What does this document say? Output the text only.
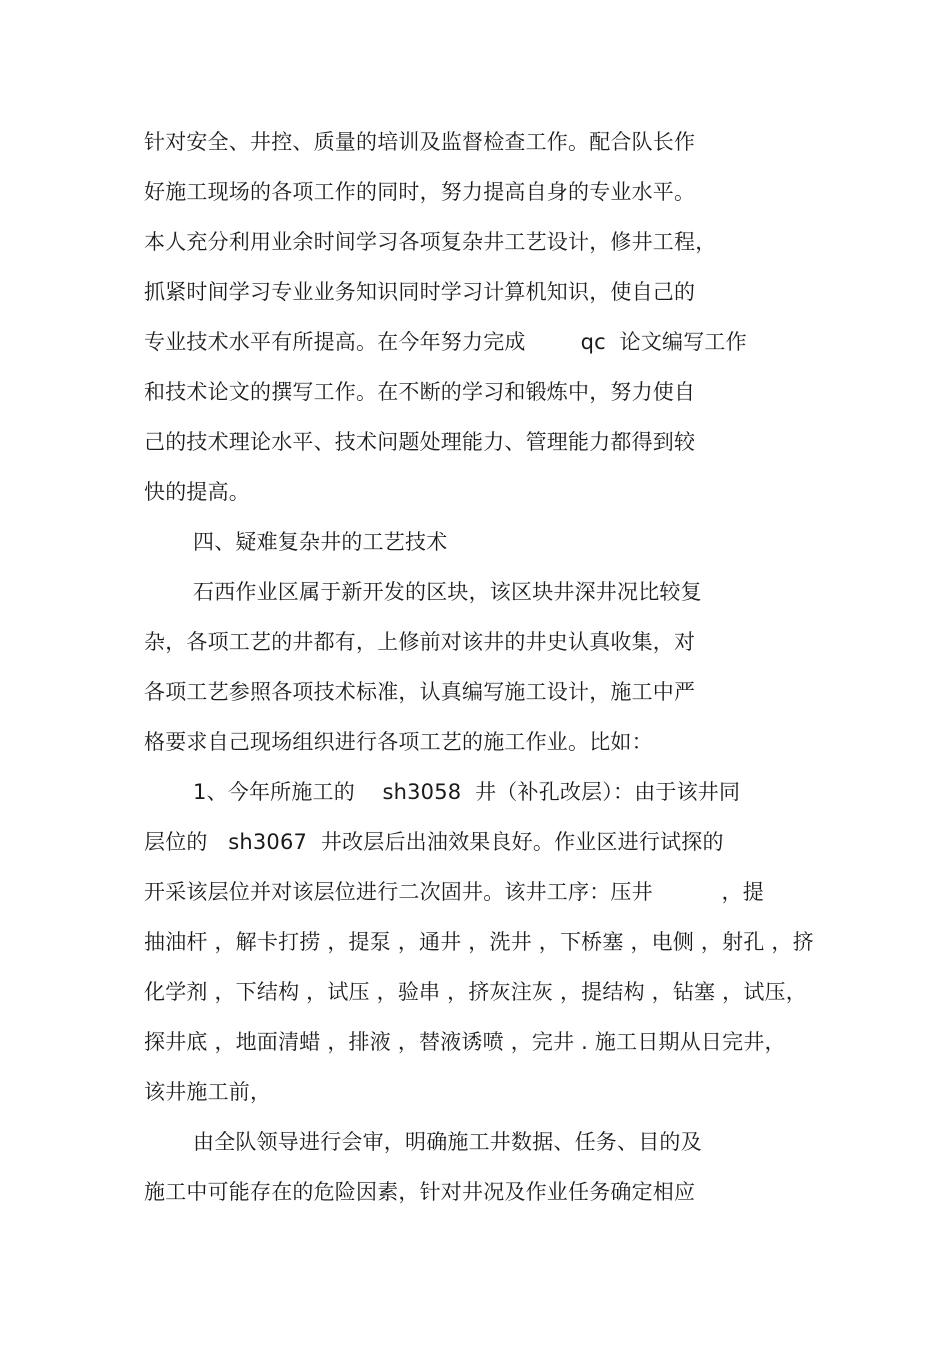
针对安全、井控、质量的培训及监督检查工作。配合队长作
好施工现场的各项工作的同时，努力提高自身的专业水平。
本人充分利用业余时间学习各项复杂井工艺设计，修井工程，
抓紧时间学习专业业务知识同时学习计算机知识，使自己的
专业技术水平有所提高。在今年努力完成        qc  论文编写工作
和技术论文的撰写工作。在不断的学习和锻炼中，努力使自
己的技术理论水平、技术问题处理能力、管理能力都得到较
快的提高。
四、疑难复杂井的工艺技术
石西作业区属于新开发的区块，该区块井深井况比较复
杂，各项工艺的井都有，上修前对该井的井史认真收集，对
各项工艺参照各项技术标准，认真编写施工设计，施工中严
格要求自己现场组织进行各项工艺的施工作业。比如：
1、今年所施工的    sh3058  井（补孔改层）：由于该井同
层位的   sh3067  井改层后出油效果良好。作业区进行试探的
开采该层位并对该层位进行二次固井。该井工序：压井          ，提
抽油杆 ，解卡打捞 ，提泵 ，通井 ，洗井 ，下桥塞 ，电侧 ，射孔 ，挤
化学剂 ，下结构 ，试压 ，验串 ，挤灰注灰 ，提结构 ，钻塞 ，试压，
探井底 ，地面清蜡 ，排液 ，替液诱喷 ，完井 . 施工日期从日完井，
该井施工前，
由全队领导进行会审，明确施工井数据、任务、目的及
施工中可能存在的危险因素，针对井况及作业任务确定相应
